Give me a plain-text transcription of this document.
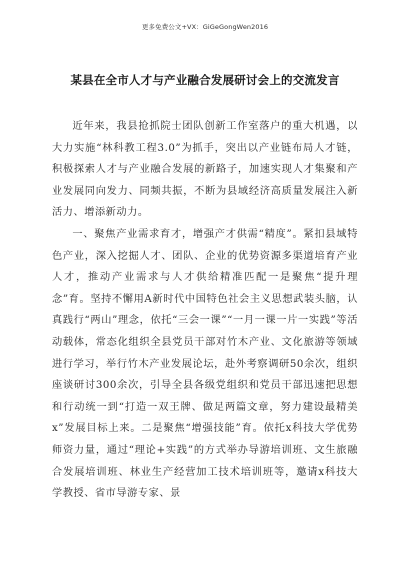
更多免费公文+VX：GiGeGongWen2016
某县在全市人才与产业融合发展研讨会上的交流发言

近年来，我县抢抓院士团队创新工作室落户的重大机遇，以大力实施“林科教工程3.0”为抓手，突出以产业链布局人才链，积极探索人才与产业融合发展的新路子，加速实现人才集聚和产业发展同向发力、同频共振，不断为县域经济高质量发展注入新活力、增添新动力。

一、聚焦产业需求育才，增强产才供需“精度”。紧扣县域特色产业，深入挖掘人才、团队、企业的优势资源多渠道培育产业人才，推动产业需求与人才供给精准匹配一是聚焦“提升理念”育。坚持不懈用A新时代中国特色社会主义思想武装头脑，认真践行“两山”理念，依托“三会一课”“一月一课一片一实践”等活动载体，常态化组织全县党员干部对竹木产业、文化旅游等领域进行学习，举行竹木产业发展论坛，赴外考察调研50余次，组织座谈研讨300余次，引导全县各级党组织和党员干部迅速把思想和行动统一到“打造一双王牌、做足两篇文章，努力建设最精美x”发展目标上来。二是聚焦“增强技能”育。依托x科技大学优势师资力量，通过“理论+实践”的方式举办导游培训班、文生旅融合发展培训班、林业生产经营加工技术培训班等，邀请x科技大学教授、省市导游专家、景
